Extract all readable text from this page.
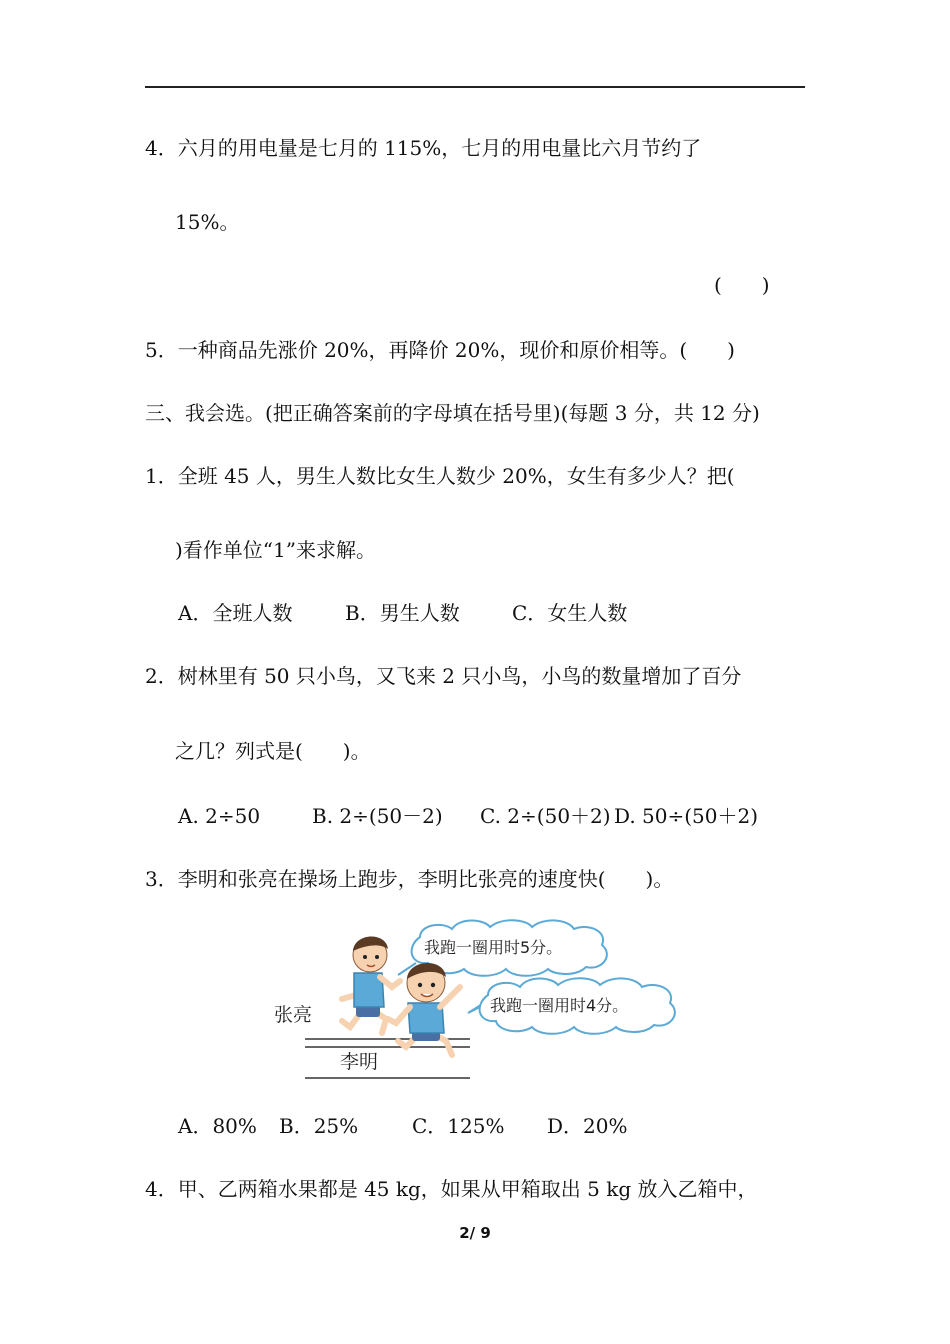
4．六月的用电量是七月的 115%，七月的用电量比六月节约了
15%。
(　　)
5．一种商品先涨价 20%，再降价 20%，现价和原价相等。(　　)
三、我会选。(把正确答案前的字母填在括号里)(每题 3 分，共 12 分)
1．全班 45 人，男生人数比女生人数少 20%，女生有多少人？把(
)看作单位“1”来求解。
A．全班人数	B．男生人数	C．女生人数
2．树林里有 50 只小鸟，又飞来 2 只小鸟，小鸟的数量增加了百分
之几？列式是(　　)。
A. 2÷50	B. 2÷(50－2) C. 2÷(50＋2) D. 50÷(50＋2)
3．李明和张亮在操场上跑步，李明比张亮的速度快(　　)。
我跑一圈用时5分。
我跑一圈用时4分。
张亮
李明
A．80% B．25%	C．125% D．20%
4．甲、乙两箱水果都是 45 kg，如果从甲箱取出 5 kg 放入乙箱中，
2/ 9
